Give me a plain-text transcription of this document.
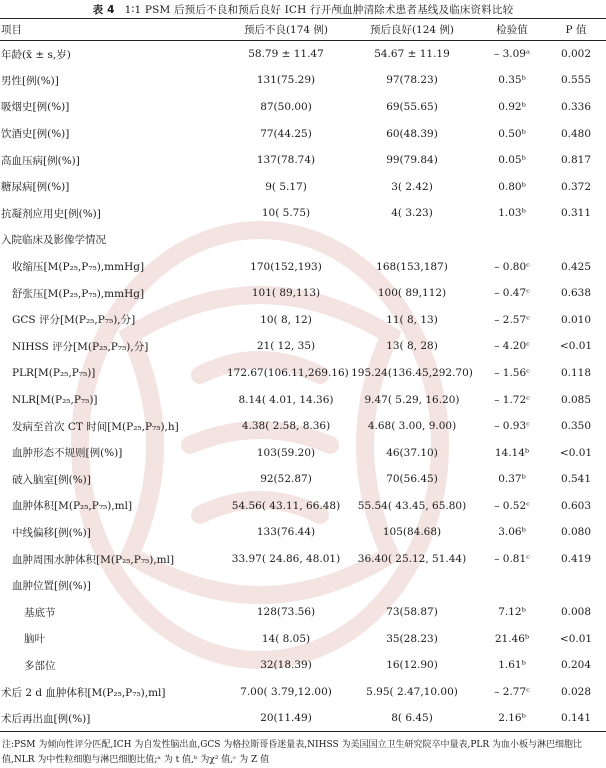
表 4 1∶1 PSM 后预后不良和预后良好 ICH 行开颅血肿清除术患者基线及临床资料比较
项目	预后不良(174 例)	预后良好(124 例)	检验值	P 值
年龄(x̄ ± s,岁)	58.79 ± 11.47	54.67 ± 11.19	– 3.09ᵃ	0.002
男性[例(%)]	131(75.29)	97(78.23)	0.35ᵇ	0.555
吸烟史[例(%)]	87(50.00)	69(55.65)	0.92ᵇ	0.336
饮酒史[例(%)]	77(44.25)	60(48.39)	0.50ᵇ	0.480
高血压病[例(%)]	137(78.74)	99(79.84)	0.05ᵇ	0.817
糖尿病[例(%)]	9( 5.17)	3( 2.42)	0.80ᵇ	0.372
抗凝剂应用史[例(%)]	10( 5.75)	4( 3.23)	1.03ᵇ	0.311
入院临床及影像学情况				
收缩压[M(P₂₅,P₇₅),mmHg]	170(152,193)	168(153,187)	– 0.80ᶜ	0.425
舒张压[M(P₂₅,P₇₅),mmHg]	101( 89,113)	100( 89,112)	– 0.47ᶜ	0.638
GCS 评分[M(P₂₅,P₇₅),分]	10( 8, 12)	11( 8, 13)	– 2.57ᶜ	0.010
NIHSS 评分[M(P₂₅,P₇₅),分]	21( 12, 35)	13( 8, 28)	– 4.20ᶜ	<0.01
PLR[M(P₂₅,P₇₅)]	172.67(106.11,269.16)	195.24(136.45,292.70)	– 1.56ᶜ	0.118
NLR[M(P₂₅,P₇₅)]	8.14( 4.01, 14.36)	9.47( 5.29, 16.20)	– 1.72ᶜ	0.085
发病至首次 CT 时间[M(P₂₅,P₇₅),h]	4.38( 2.58, 8.36)	4.68( 3.00, 9.00)	– 0.93ᶜ	0.350
血肿形态不规则[例(%)]	103(59.20)	46(37.10)	14.14ᵇ	<0.01
破入脑室[例(%)]	92(52.87)	70(56.45)	0.37ᵇ	0.541
血肿体积[M(P₂₅,P₇₅),ml]	54.56( 43.11, 66.48)	55.54( 43.45, 65.80)	– 0.52ᶜ	0.603
中线偏移[例(%)]	133(76.44)	105(84.68)	3.06ᵇ	0.080
血肿周围水肿体积[M(P₂₅,P₇₅),ml]	33.97( 24.86, 48.01)	36.40( 25.12, 51.44)	– 0.81ᶜ	0.419
血肿位置[例(%)]				
基底节	128(73.56)	73(58.87)	7.12ᵇ	0.008
脑叶	14( 8.05)	35(28.23)	21.46ᵇ	<0.01
多部位	32(18.39)	16(12.90)	1.61ᵇ	0.204
术后 2 d 血肿体积[M(P₂₅,P₇₅),ml]	7.00( 3.79,12.00)	5.95( 2.47,10.00)	– 2.77ᶜ	0.028
术后再出血[例(%)]	20(11.49)	8( 6.45)	2.16ᵇ	0.141
注:PSM 为倾向性评分匹配,ICH 为自发性脑出血,GCS 为格拉斯哥昏迷量表,NIHSS 为美国国立卫生研究院卒中量表,PLR 为血小板与淋巴细胞比值,NLR 为中性粒细胞与淋巴细胞比值;ᵃ 为 t 值,ᵇ 为χ² 值,ᶜ 为 Z 值
